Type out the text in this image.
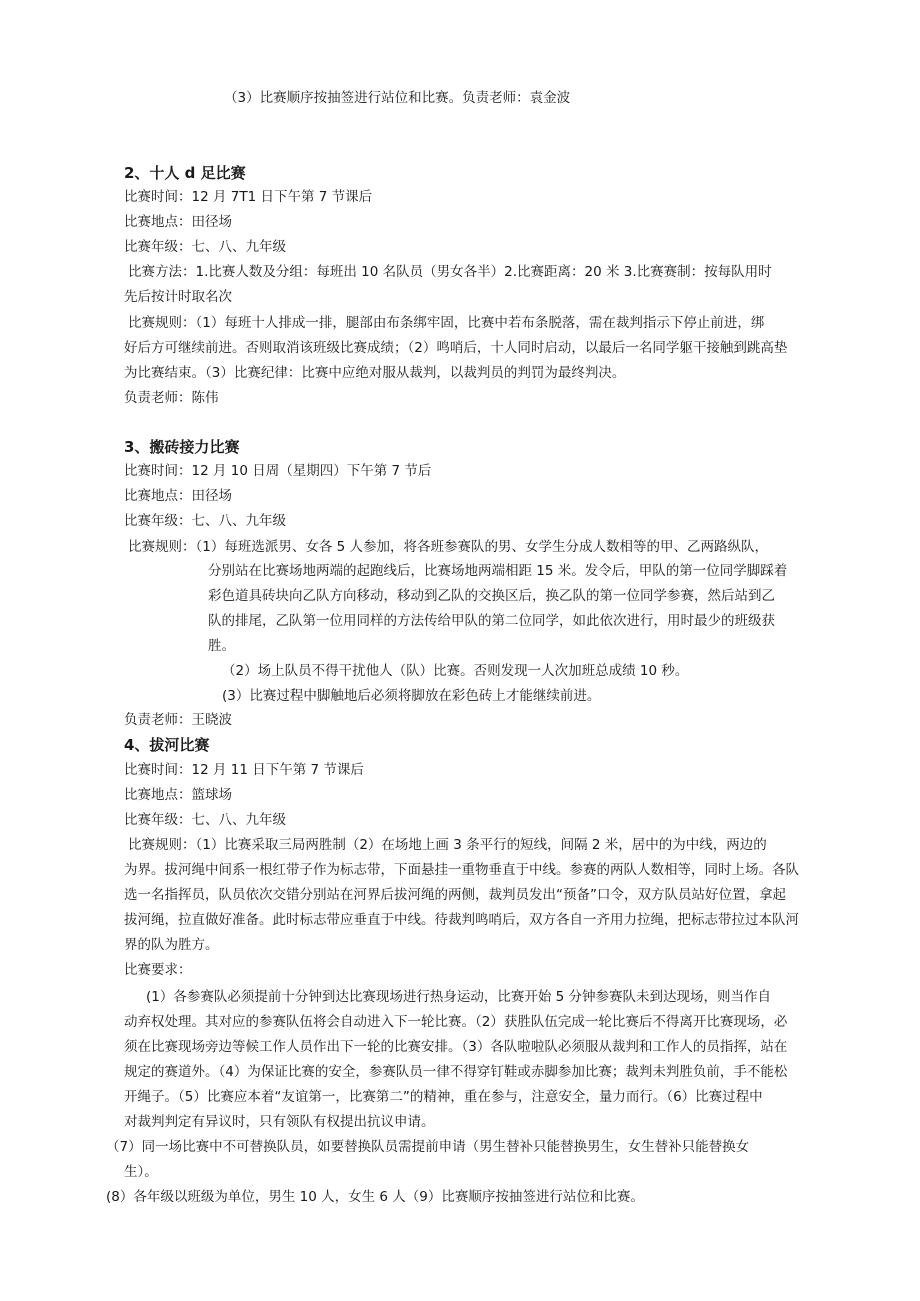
（3）比赛顺序按抽签进行站位和比赛。负责老师：袁金波
2、十人 d 足比赛
比赛时间：12 月 7T1 日下午第 7 节课后
比赛地点：田径场
比赛年级：七、八、九年级
比赛方法：1.比赛人数及分组：每班出 10 名队员（男女各半）2.比赛距离：20 米 3.比赛赛制：按每队用时
先后按计时取名次
比赛规则：（1）每班十人排成一排，腿部由布条绑牢固，比赛中若布条脱落，需在裁判指示下停止前进，绑
好后方可继续前进。否则取消该班级比赛成绩；（2）鸣哨后，十人同时启动，以最后一名同学躯干接触到跳高垫
为比赛结束。（3）比赛纪律：比赛中应绝对服从裁判，以裁判员的判罚为最终判决。
负责老师：陈伟
3、搬砖接力比赛
比赛时间：12 月 10 日周（星期四）下午第 7 节后
比赛地点：田径场
比赛年级：七、八、九年级
比赛规则：（1）每班选派男、女各 5 人参加，将各班参赛队的男、女学生分成人数相等的甲、乙两路纵队，
分别站在比赛场地两端的起跑线后，比赛场地两端相距 15 米。发令后，甲队的第一位同学脚踩着
彩色道具砖块向乙队方向移动，移动到乙队的交换区后，换乙队的第一位同学参赛，然后站到乙
队的排尾，乙队第一位用同样的方法传给甲队的第二位同学，如此依次进行，用时最少的班级获
胜。
（2）场上队员不得干扰他人（队）比赛。否则发现一人次加班总成绩 10 秒。
(3）比赛过程中脚触地后必须将脚放在彩色砖上才能继续前进。
负责老师：王晓波
4、拔河比赛
比赛时间：12 月 11 日下午第 7 节课后
比赛地点：篮球场
比赛年级：七、八、九年级
比赛规则：（1）比赛采取三局两胜制（2）在场地上画 3 条平行的短线，间隔 2 米，居中的为中线，两边的
为界。拔河绳中间系一根红带子作为标志带，下面悬挂一重物垂直于中线。参赛的两队人数相等，同时上场。各队
选一名指挥员，队员依次交错分别站在河界后拔河绳的两侧，裁判员发出“预备”口令，双方队员站好位置，拿起
拔河绳，拉直做好准备。此时标志带应垂直于中线。待裁判鸣哨后，双方各自一齐用力拉绳，把标志带拉过本队河
界的队为胜方。
比赛要求：
(1）各参赛队必须提前十分钟到达比赛现场进行热身运动，比赛开始 5 分钟参赛队未到达现场，则当作自
动弃权处理。其对应的参赛队伍将会自动进入下一轮比赛。（2）获胜队伍完成一轮比赛后不得离开比赛现场，必
须在比赛现场旁边等候工作人员作出下一轮的比赛安排。（3）各队啦啦队必须服从裁判和工作人的员指挥，站在
规定的赛道外。（4）为保证比赛的安全，参赛队员一律不得穿钉鞋或赤脚参加比赛；裁判未判胜负前，手不能松
开绳子。（5）比赛应本着“友谊第一，比赛第二”的精神，重在参与，注意安全，量力而行。（6）比赛过程中
对裁判判定有异议时，只有领队有权提出抗议申请。
（7）同一场比赛中不可替换队员，如要替换队员需提前申请（男生替补只能替换男生，女生替补只能替换女
生）。
(8）各年级以班级为单位，男生 10 人，女生 6 人（9）比赛顺序按抽签进行站位和比赛。
